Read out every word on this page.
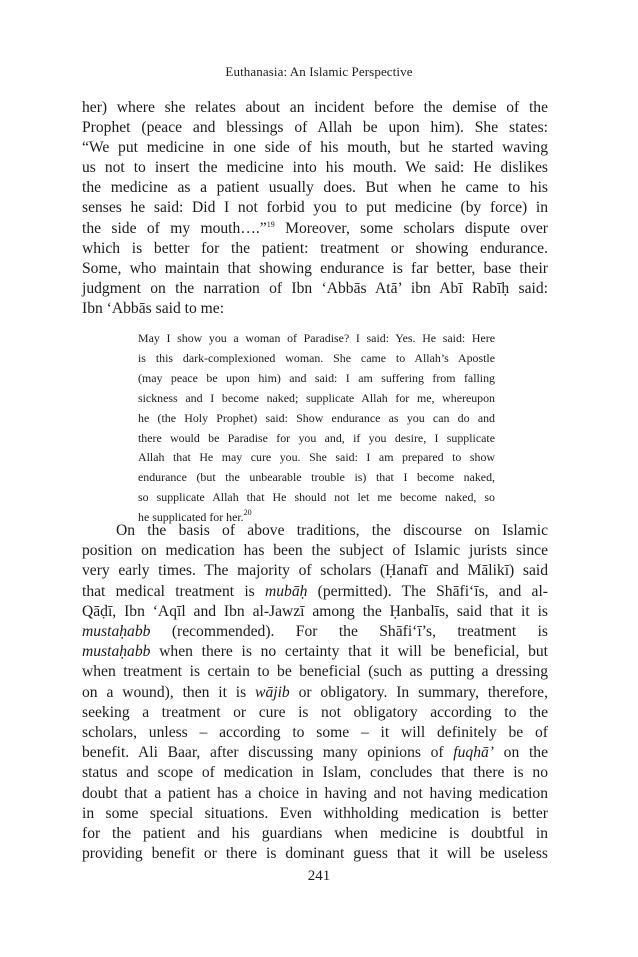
Euthanasia: An Islamic Perspective
her) where she relates about an incident before the demise of the
Prophet (peace and blessings of Allah be upon him). She states:
“We put medicine in one side of his mouth, but he started waving
us not to insert the medicine into his mouth. We said: He dislikes
the medicine as a patient usually does. But when he came to his
senses he said: Did I not forbid you to put medicine (by force) in
the side of my mouth….”$^{19}$ Moreover, some scholars dispute over
which is better for the patient: treatment or showing endurance.
Some, who maintain that showing endurance is far better, base their
judgment on the narration of Ibn ‘Abbās Atā’ ibn Abī Rabīḥ said:
Ibn ‘Abbās said to me:
May I show you a woman of Paradise? I said: Yes. He said: Here
is this dark-complexioned woman. She came to Allah’s Apostle
(may peace be upon him) and said: I am suffering from falling
sickness and I become naked; supplicate Allah for me, whereupon
he (the Holy Prophet) said: Show endurance as you can do and
there would be Paradise for you and, if you desire, I supplicate
Allah that He may cure you. She said: I am prepared to show
endurance (but the unbearable trouble is) that I become naked,
so supplicate Allah that He should not let me become naked, so
he supplicated for her.$^{20}$
On the basis of above traditions, the discourse on Islamic
position on medication has been the subject of Islamic jurists since
very early times. The majority of scholars (Ḥanafī and Mālikī) said
that medical treatment is mubāḥ (permitted). The Shāfi‘īs, and al-
Qāḍī, Ibn ‘Aqīl and Ibn al-Jawzī among the Ḥanbalīs, said that it is
mustaḥabb (recommended). For the Shāfi‘ī’s, treatment is
mustaḥabb when there is no certainty that it will be beneficial, but
when treatment is certain to be beneficial (such as putting a dressing
on a wound), then it is wājib or obligatory. In summary, therefore,
seeking a treatment or cure is not obligatory according to the
scholars, unless – according to some – it will definitely be of
benefit. Ali Baar, after discussing many opinions of fuqhā’ on the
status and scope of medication in Islam, concludes that there is no
doubt that a patient has a choice in having and not having medication
in some special situations. Even withholding medication is better
for the patient and his guardians when medicine is doubtful in
providing benefit or there is dominant guess that it will be useless
241
